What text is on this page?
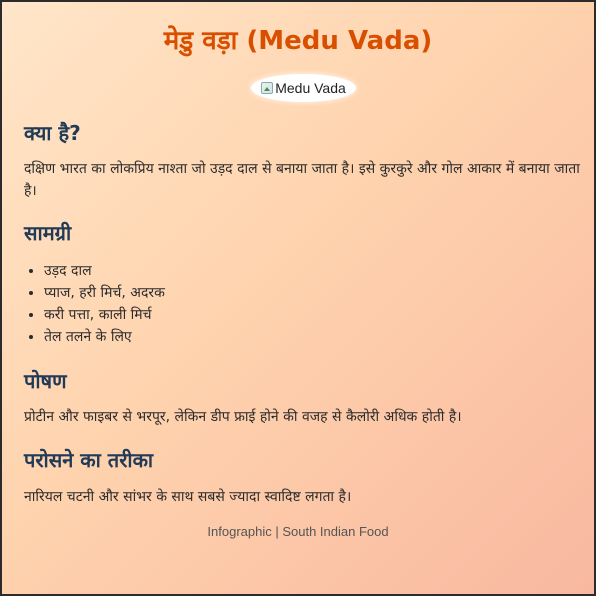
मेडु वड़ा (Medu Vada)
Medu Vada
क्या है?

दक्षिण भारत का लोकप्रिय नाश्ता जो उड़द दाल से बनाया जाता है। इसे कुरकुरे और गोल आकार में बनाया जाता है।

सामग्री
• उड़द दाल
• प्याज, हरी मिर्च, अदरक
• करी पत्ता, काली मिर्च
• तेल तलने के लिए
पोषण

प्रोटीन और फाइबर से भरपूर, लेकिन डीप फ्राई होने की वजह से कैलोरी अधिक होती है।

परोसने का तरीका

नारियल चटनी और सांभर के साथ सबसे ज्यादा स्वादिष्ट लगता है।

Infographic | South Indian Food
